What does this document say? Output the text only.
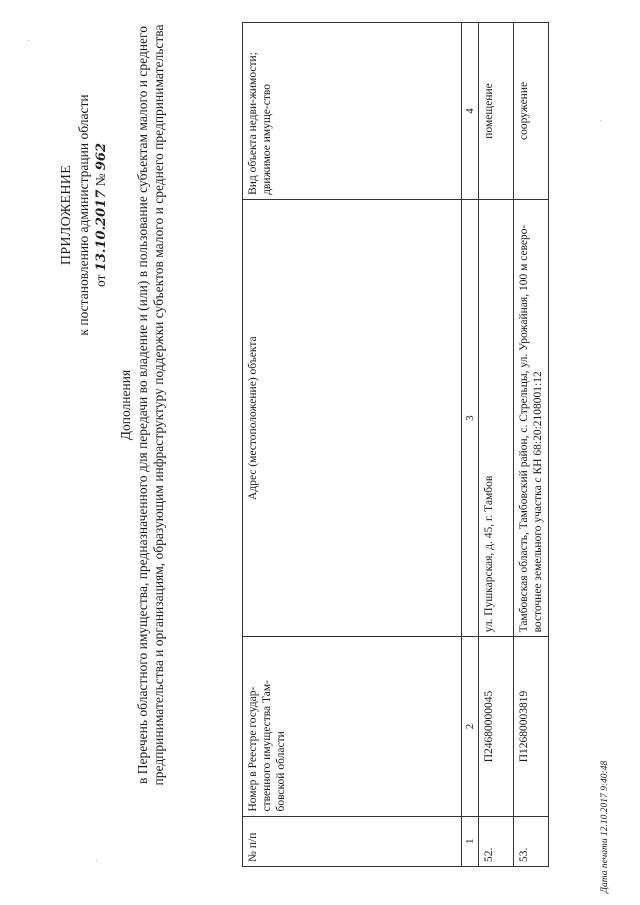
ПРИЛОЖЕНИЕ к постановлению администрации области от 13.10.2017 № 962
Дополнения в Перечень областного имущества, предназначенного для передачи во владение и (или) в пользование субъектам малого и среднего предпринимательства и организациям, образующим инфраструктуру поддержки субъектов малого и среднего предпринимательства
№ п/п	Номер в Реестре государ-ственного имущества Там-бовской области	Адрес (местоположение) объекта	Вид объекта недви-жимости; движимое имуще-ство
1	2	3	4
52.	П24680000045	ул. Пушкарская, д. 45, г. Тамбов	помещение
53.	П12680003819	Тамбовская область, Тамбовский район, с. Стрельцы, ул. Урожайная, 100 м северо-восточнее земельного участка с КН 68:20:2108001:12	сооружение
Дата печати 12.10.2017 9:40:48
